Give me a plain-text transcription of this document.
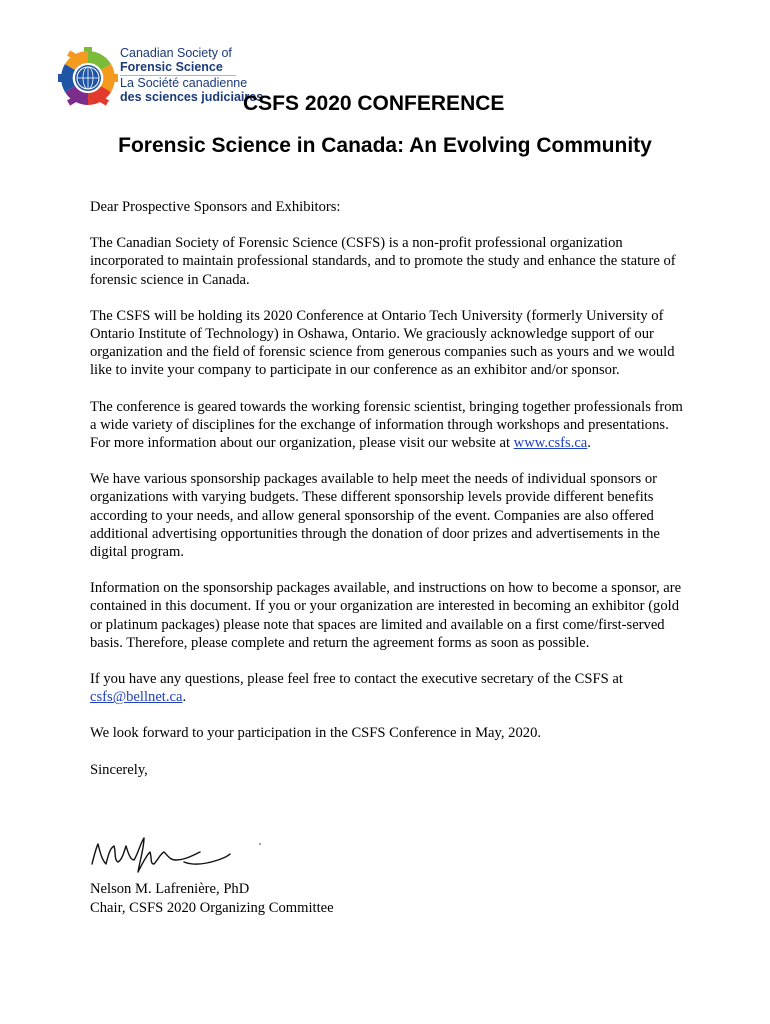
Canadian Society of
Forensic Science
La Société canadienne
des sciences judiciaires
CSFS 2020 CONFERENCE
Forensic Science in Canada: An Evolving Community

Dear Prospective Sponsors and Exhibitors:

The Canadian Society of Forensic Science (CSFS) is a non-profit professional organization incorporated to maintain professional standards, and to promote the study and enhance the stature of forensic science in Canada.

The CSFS will be holding its 2020 Conference at Ontario Tech University (formerly University of Ontario Institute of Technology) in Oshawa, Ontario. We graciously acknowledge support of our organization and the field of forensic science from generous companies such as yours and we would like to invite your company to participate in our conference as an exhibitor and/or sponsor.

The conference is geared towards the working forensic scientist, bringing together professionals from a wide variety of disciplines for the exchange of information through workshops and presentations. For more information about our organization, please visit our website at www.csfs.ca.

We have various sponsorship packages available to help meet the needs of individual sponsors or organizations with varying budgets. These different sponsorship levels provide different benefits according to your needs, and allow general sponsorship of the event. Companies are also offered additional advertising opportunities through the donation of door prizes and advertisements in the digital program.

Information on the sponsorship packages available, and instructions on how to become a sponsor, are contained in this document. If you or your organization are interested in becoming an exhibitor (gold or platinum packages) please note that spaces are limited and available on a first come/first-served basis. Therefore, please complete and return the agreement forms as soon as possible.

If you have any questions, please feel free to contact the executive secretary of the CSFS at csfs@bellnet.ca.

We look forward to your participation in the CSFS Conference in May, 2020.

Sincerely,

Nelson M. Lafrenière, PhD
Chair, CSFS 2020 Organizing Committee
